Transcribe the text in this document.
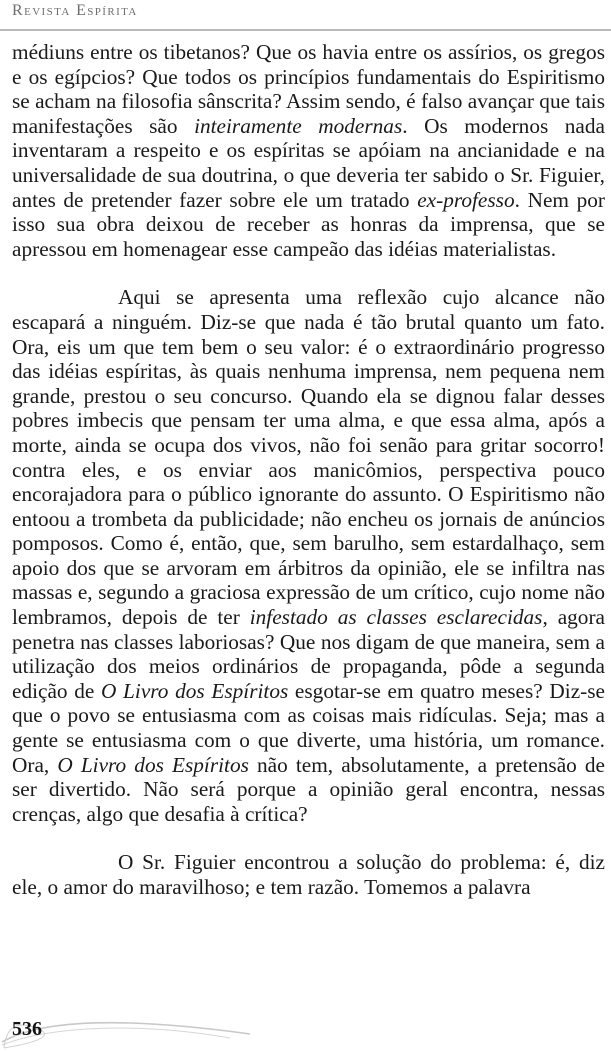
Revista Espírita

médiuns entre os tibetanos? Que os havia entre os assírios, os gregos e os egípcios? Que todos os princípios fundamentais do Espiritismo se acham na filosofia sânscrita? Assim sendo, é falso avançar que tais manifestações são inteiramente modernas. Os modernos nada inventaram a respeito e os espíritas se apóiam na ancianidade e na universalidade de sua doutrina, o que deveria ter sabido o Sr. Figuier, antes de pretender fazer sobre ele um tratado ex-professo. Nem por isso sua obra deixou de receber as honras da imprensa, que se apressou em homenagear esse campeão das idéias materialistas.

Aqui se apresenta uma reflexão cujo alcance não escapará a ninguém. Diz-se que nada é tão brutal quanto um fato. Ora, eis um que tem bem o seu valor: é o extraordinário progresso das idéias espíritas, às quais nenhuma imprensa, nem pequena nem grande, prestou o seu concurso. Quando ela se dignou falar desses pobres imbecis que pensam ter uma alma, e que essa alma, após a morte, ainda se ocupa dos vivos, não foi senão para gritar socorro! contra eles, e os enviar aos manicômios, perspectiva pouco encorajadora para o público ignorante do assunto. O Espiritismo não entoou a trombeta da publicidade; não encheu os jornais de anúncios pomposos. Como é, então, que, sem barulho, sem estardalhaço, sem apoio dos que se arvoram em árbitros da opinião, ele se infiltra nas massas e, segundo a graciosa expressão de um crítico, cujo nome não lembramos, depois de ter infestado as classes esclarecidas, agora penetra nas classes laboriosas? Que nos digam de que maneira, sem a utilização dos meios ordinários de propaganda, pôde a segunda edição de O Livro dos Espíritos esgotar-se em quatro meses? Diz-se que o povo se entusiasma com as coisas mais ridículas. Seja; mas a gente se entusiasma com o que diverte, uma história, um romance. Ora, O Livro dos Espíritos não tem, absolutamente, a pretensão de ser divertido. Não será porque a opinião geral encontra, nessas crenças, algo que desafia à crítica?

O Sr. Figuier encontrou a solução do problema: é, diz ele, o amor do maravilhoso; e tem razão. Tomemos a palavra

536
